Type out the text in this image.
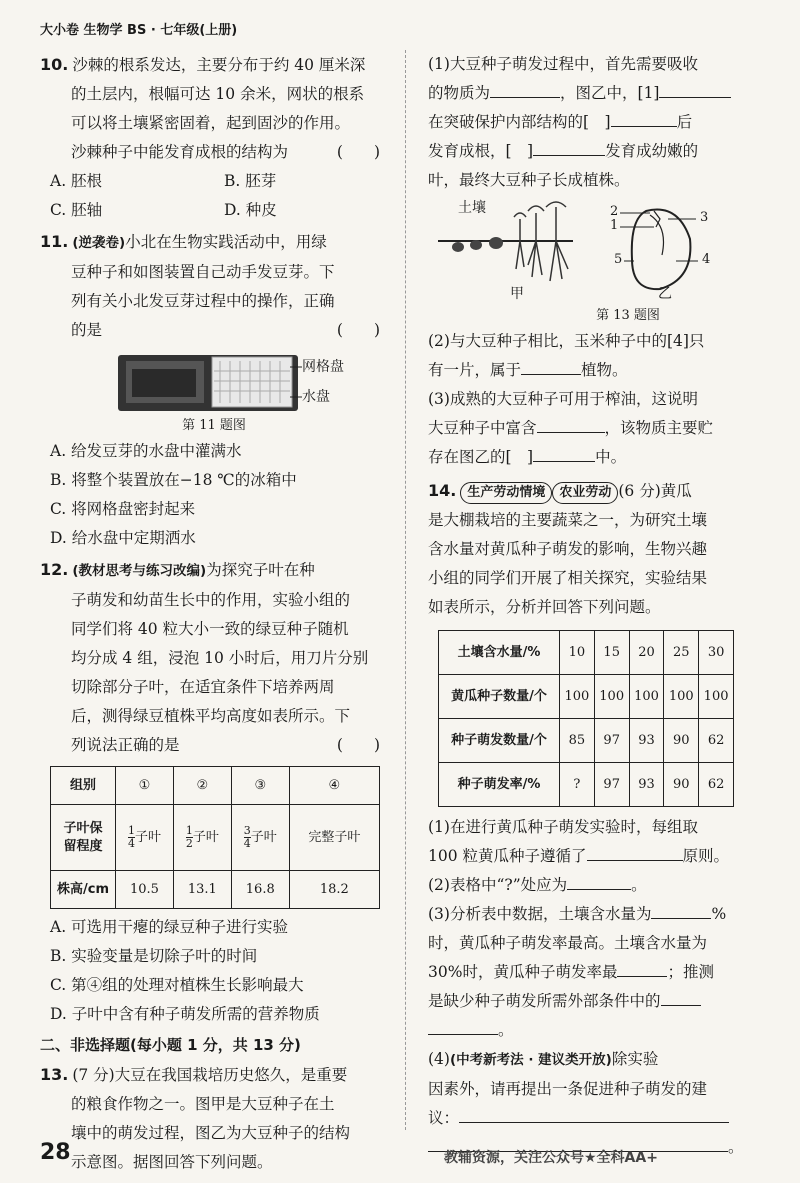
大小卷 生物学 BS · 七年级(上册)

10. 沙棘的根系发达，主要分布于约 40 厘米深

的土层内，根幅可达 10 余米，网状的根系

可以将土壤紧密固着，起到固沙的作用。

沙棘种子中能发育成根的结构为	(　　)

A. 胚根	B. 胚芽
C. 胚轴	D. 种皮

11. (逆袭卷)小北在生物实践活动中，用绿

豆种子和如图装置自己动手发豆芽。下

列有关小北发豆芽过程中的操作，正确

的是	(　　)

网格盘
水盘
第 11 题图
A. 给发豆芽的水盘中灌满水
B. 将整个装置放在−18 ℃的冰箱中
C. 将网格盘密封起来
D. 给水盘中定期洒水

12. (教材思考与练习改编)为探究子叶在种

子萌发和幼苗生长中的作用，实验小组的

同学们将 40 粒大小一致的绿豆种子随机

均分成 4 组，浸泡 10 小时后，用刀片分别

切除部分子叶，在适宜条件下培养两周

后，测得绿豆植株平均高度如表所示。下

列说法正确的是	(　　)

组别	①	②	③	④
子叶保
留程度	$\frac{1}{4}$ 子叶	$\frac{1}{2}$ 子叶	$\frac{3}{4}$ 子叶	完整子叶
株高/cm	10.5	13.1	16.8	18.2
A. 可选用干瘪的绿豆种子进行实验
B. 实验变量是切除子叶的时间
C. 第④组的处理对植株生长影响最大
D. 子叶中含有种子萌发所需的营养物质
二、非选择题(每小题 1 分，共 13 分)

13. (7 分)大豆在我国栽培历史悠久，是重要

的粮食作物之一。图甲是大豆种子在土

壤中的萌发过程，图乙为大豆种子的结构

示意图。据图回答下列问题。

(1)大豆种子萌发过程中，首先需要吸收

的物质为	，图乙中，[1]

在突破保护内部结构的[　]	后

发育成根，[　]	发育成幼嫩的

叶，最终大豆种子长成植株。

土壤
甲	乙
2
1
3
5	4
第 13 题图

(2)与大豆种子相比，玉米种子中的[4]只

有一片，属于	植物。

(3)成熟的大豆种子可用于榨油，这说明

大豆种子中富含	，该物质主要贮

存在图乙的[　]	中。

14. 生产劳动情境 农业劳动 (6 分)黄瓜

是大棚栽培的主要蔬菜之一，为研究土壤

含水量对黄瓜种子萌发的影响，生物兴趣

小组的同学们开展了相关探究，实验结果

如表所示，分析并回答下列问题。

土壤含水量/%	10	15	20	25	30
黄瓜种子数量/个	100	100	100	100	100
种子萌发数量/个	85	97	93	90	62
种子萌发率/%	?	97	93	90	62

(1)在进行黄瓜种子萌发实验时，每组取

100 粒黄瓜种子遵循了	原则。

(2)表格中“?”处应为	。

(3)分析表中数据，土壤含水量为	%

时，黄瓜种子萌发率最高。土壤含水量为

30%时，黄瓜种子萌发率最	；推测

是缺少种子萌发所需外部条件中的

。

(4)(中考新考法 · 建议类开放)除实验

因素外，请再提出一条促进种子萌发的建

议：

。

28	教辅资源，关注公众号★全科AA+
